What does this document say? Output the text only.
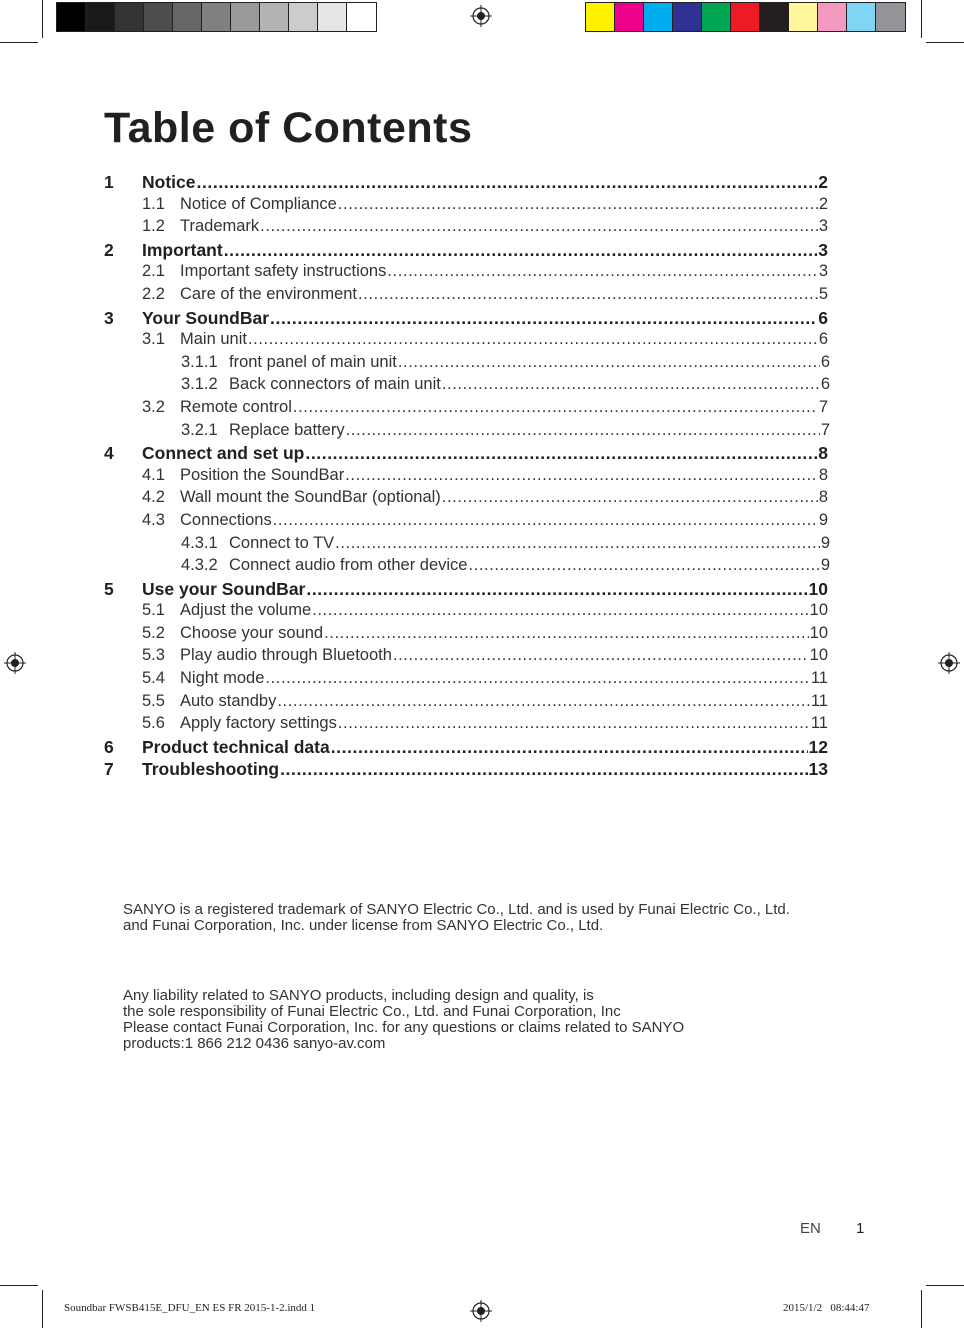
Table of Contents
1	Notice .....	2
1.1 Notice of Compliance .....	2
1.2 Trademark .....	3
2	Important .....	3
2.1 Important safety instructions .....	3
2.2 Care of the environment .....	5
3	Your SoundBar .....	6
3.1 Main unit .....	6
3.1.1 front panel of main unit .....	6
3.1.2 Back connectors of main unit .....	6
3.2 Remote control .....	7
3.2.1 Replace battery .....	7
4	Connect and set up .....	8
4.1 Position the SoundBar .....	8
4.2 Wall mount the SoundBar (optional) .....	8
4.3 Connections .....	9
4.3.1 Connect to TV .....	9
4.3.2 Connect audio from other device .....	9
5	Use your SoundBar .....	10
5.1 Adjust the volume .....	10
5.2 Choose your sound .....	10
5.3 Play audio through Bluetooth .....	10
5.4 Night mode .....	11
5.5 Auto standby .....	11
5.6 Apply factory settings .....	11
6	Product technical data .....	12
7	Troubleshooting .....	13

SANYO is a registered trademark of SANYO Electric Co., Ltd. and is used by Funai Electric Co., Ltd. and Funai Corporation, Inc. under license from SANYO Electric Co., Ltd.

Any liability related to SANYO products, including design and quality, is

the sole responsibility of Funai Electric Co., Ltd. and Funai Corporation, Inc

Please contact Funai Corporation, Inc. for any questions or claims related to SANYO

products:1 866 212 0436 sanyo-av.com

EN 1
Soundbar FWSB415E_DFU_EN ES FR 2015-1-2.indd 1	2015/1/2   08:44:47
